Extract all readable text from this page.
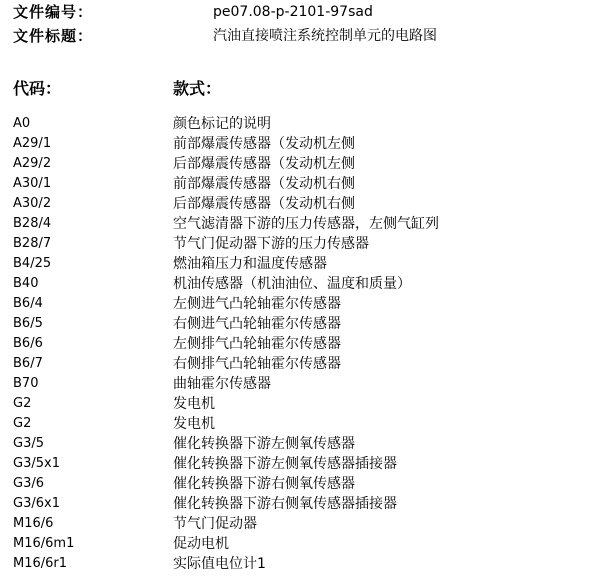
文件编号：	pe07.08-p-2101-97sad
文件标题：	汽油直接喷注系统控制单元的电路图
代码：	款式：
A0	颜色标记的说明
A29/1	前部爆震传感器（发动机左侧
A29/2	后部爆震传感器（发动机左侧
A30/1	前部爆震传感器（发动机右侧
A30/2	后部爆震传感器（发动机右侧
B28/4	空气滤清器下游的压力传感器，左侧气缸列
B28/7	节气门促动器下游的压力传感器
B4/25	燃油箱压力和温度传感器
B40	机油传感器（机油油位、温度和质量）
B6/4	左侧进气凸轮轴霍尔传感器
B6/5	右侧进气凸轮轴霍尔传感器
B6/6	左侧排气凸轮轴霍尔传感器
B6/7	右侧排气凸轮轴霍尔传感器
B70	曲轴霍尔传感器
G2	发电机
G2	发电机
G3/5	催化转换器下游左侧氧传感器
G3/5x1	催化转换器下游左侧氧传感器插接器
G3/6	催化转换器下游右侧氧传感器
G3/6x1	催化转换器下游右侧氧传感器插接器
M16/6	节气门促动器
M16/6m1	促动电机
M16/6r1	实际值电位计1
